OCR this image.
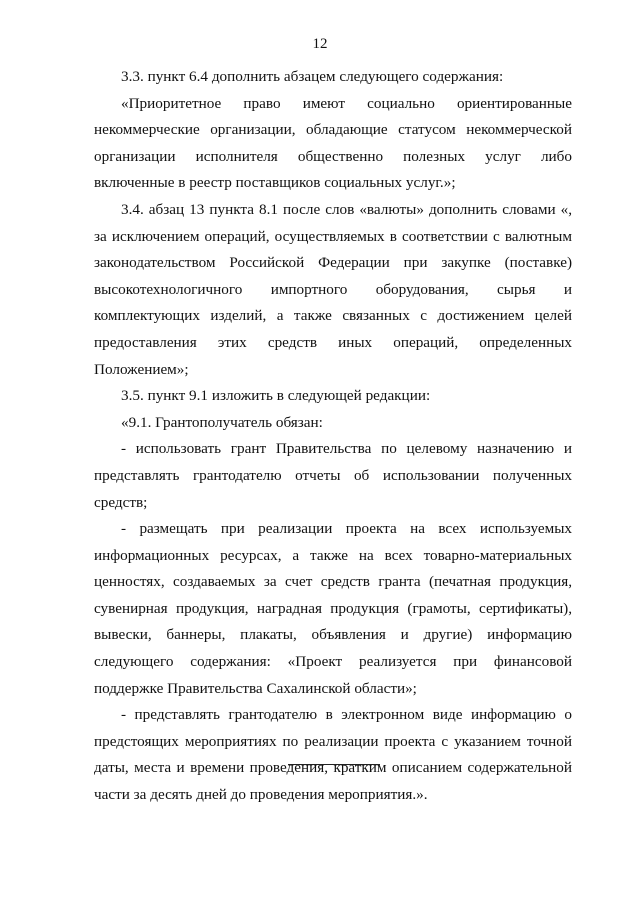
12

3.3. пункт 6.4 дополнить абзацем следующего содержания:

«Приоритетное право имеют социально ориентированные некоммерческие организации, обладающие статусом некоммерческой организации исполнителя общественно полезных услуг либо включенные в реестр поставщиков социальных услуг.»;

3.4. абзац 13 пункта 8.1 после слов «валюты» дополнить словами «, за исключением операций, осуществляемых в соответствии с валютным законодательством Российской Федерации при закупке (поставке) высокотехнологичного импортного оборудования, сырья и комплектующих изделий, а также связанных с достижением целей предоставления этих средств иных операций, определенных Положением»;

3.5. пункт 9.1 изложить в следующей редакции:

«9.1. Грантополучатель обязан:

- использовать грант Правительства по целевому назначению и представлять грантодателю отчеты об использовании полученных средств;

- размещать при реализации проекта на всех используемых информационных ресурсах, а также на всех товарно-материальных ценностях, создаваемых за счет средств гранта (печатная продукция, сувенирная продукция, наградная продукция (грамоты, сертификаты), вывески, баннеры, плакаты, объявления и другие) информацию следующего содержания: «Проект реализуется при финансовой поддержке Правительства Сахалинской области»;

- представлять грантодателю в электронном виде информацию о предстоящих мероприятиях по реализации проекта с указанием точной даты, места и времени проведения, кратким описанием содержательной части за десять дней до проведения мероприятия.».
